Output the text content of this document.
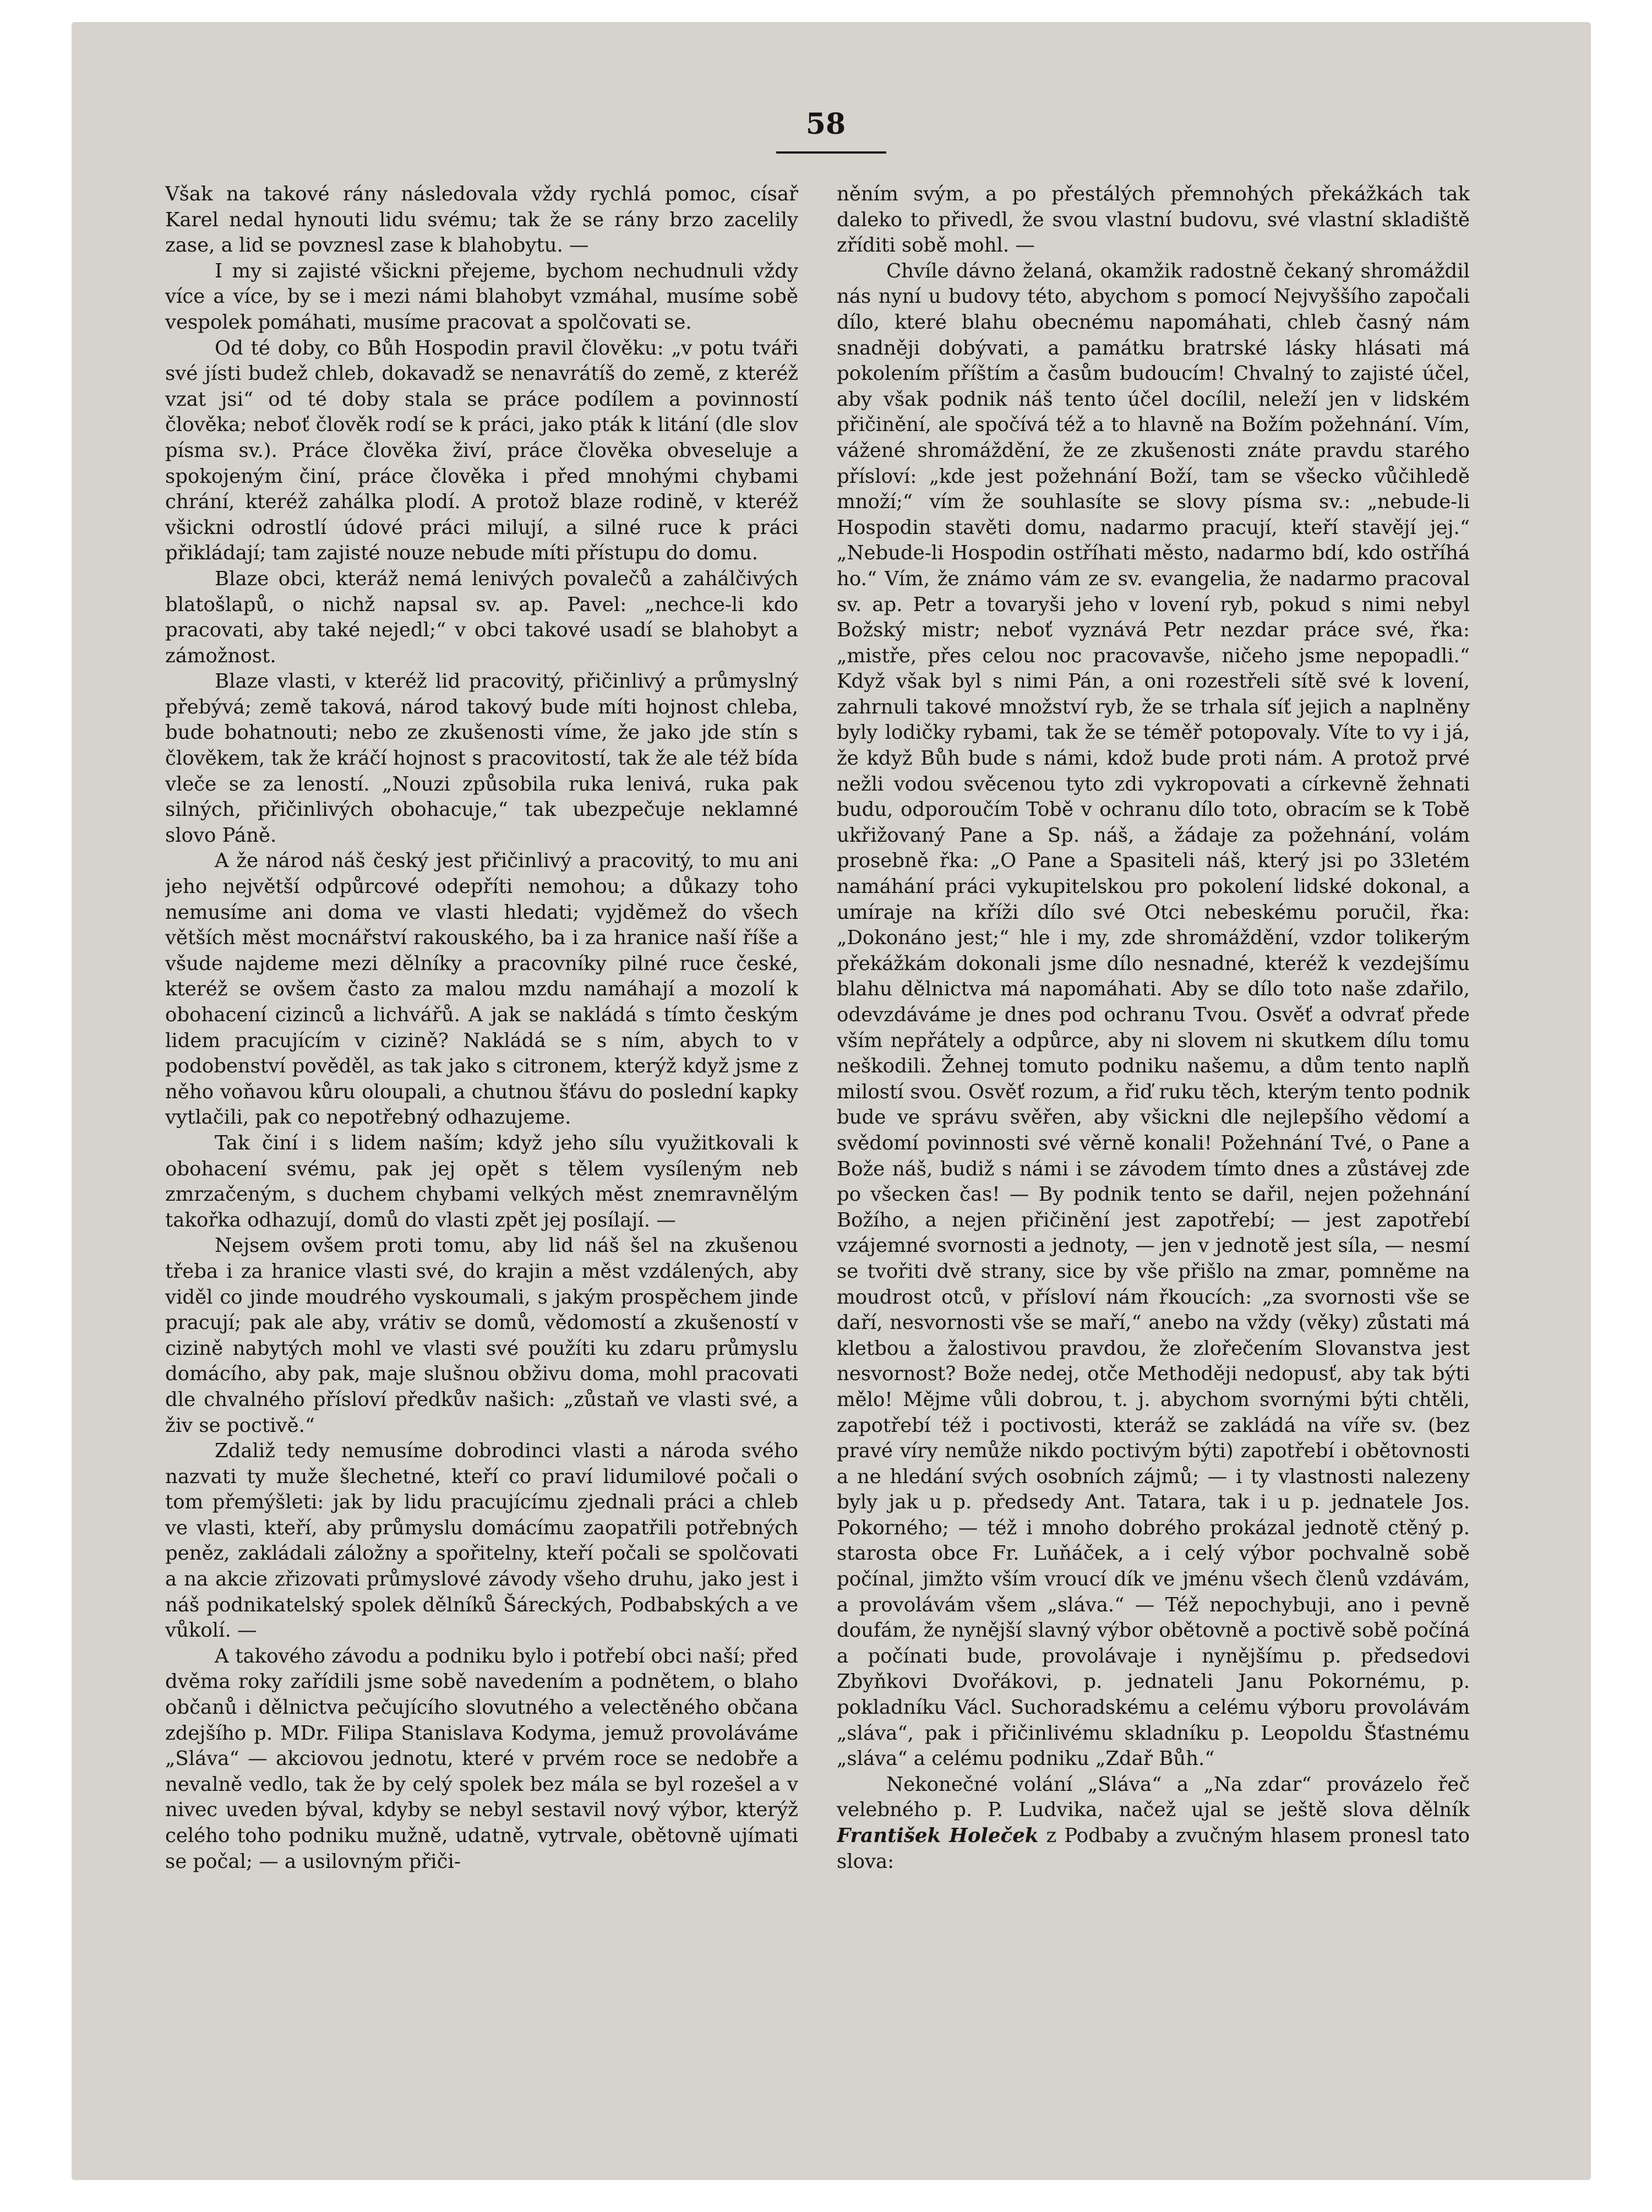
58

Však na takové rány následovala vždy rychlá pomoc, císař Karel nedal hynouti lidu svému; tak že se rány brzo zacelily zase, a lid se povznesl zase k blahobytu. —

I my si zajisté všickni přejeme, bychom nechudnuli vždy více a více, by se i mezi námi blahobyt vzmáhal, musíme sobě vespolek pomáhati, musíme pracovat a spolčovati se.

Od té doby, co Bůh Hospodin pravil člověku: „v potu tváři své jísti budež chleb, dokavadž se nenavrátíš do země, z kteréž vzat jsi“ od té doby stala se práce podílem a povinností člověka; neboť člověk rodí se k práci, jako pták k litání (dle slov písma sv.). Práce člověka živí, práce člověka obveseluje a spokojeným činí, práce člověka i před mnohými chybami chrání, kteréž zahálka plodí. A protož blaze rodině, v kteréž všickni odrostlí údové práci milují, a silné ruce k práci přikládají; tam zajisté nouze nebude míti přístupu do domu.

Blaze obci, kteráž nemá lenivých povalečů a zahálčivých blatošlapů, o nichž napsal sv. ap. Pavel: „nechce-li kdo pracovati, aby také nejedl;“ v obci takové usadí se blahobyt a zámožnost.

Blaze vlasti, v kteréž lid pracovitý, přičinlivý a průmyslný přebývá; země taková, národ takový bude míti hojnost chleba, bude bohatnouti; nebo ze zkušenosti víme, že jako jde stín s člověkem, tak že kráčí hojnost s pracovitostí, tak že ale též bída vleče se za leností. „Nouzi způsobila ruka lenivá, ruka pak silných, přičinlivých obohacuje,“ tak ubezpečuje neklamné slovo Páně.

A že národ náš český jest přičinlivý a pracovitý, to mu ani jeho největší odpůrcové odepříti nemohou; a důkazy toho nemusíme ani doma ve vlasti hledati; vyjděmež do všech větších měst mocnářství rakouského, ba i za hranice naší říše a všude najdeme mezi dělníky a pracovníky pilné ruce české, kteréž se ovšem často za malou mzdu namáhají a mozolí k obohacení cizinců a lichvářů. A jak se nakládá s tímto českým lidem pracujícím v cizině? Nakládá se s ním, abych to v podobenství pověděl, as tak jako s citronem, kterýž když jsme z něho voňavou kůru oloupali, a chutnou šťávu do poslední kapky vytlačili, pak co nepotřebný odhazujeme.

Tak činí i s lidem naším; když jeho sílu využitkovali k obohacení svému, pak jej opět s tělem vysíleným neb zmrzačeným, s duchem chybami velkých měst znemravnělým takořka odhazují, domů do vlasti zpět jej posílají. —

Nejsem ovšem proti tomu, aby lid náš šel na zkušenou třeba i za hranice vlasti své, do krajin a měst vzdálených, aby viděl co jinde moudrého vyskoumali, s jakým prospěchem jinde pracují; pak ale aby, vrátiv se domů, vědomostí a zkušeností v cizině nabytých mohl ve vlasti své použíti ku zdaru průmyslu domácího, aby pak, maje slušnou obživu doma, mohl pracovati dle chvalného přísloví předkův našich: „zůstaň ve vlasti své, a živ se poctivě.“

Zdaliž tedy nemusíme dobrodinci vlasti a národa svého nazvati ty muže šlechetné, kteří co praví lidumilové počali o tom přemýšleti: jak by lidu pracujícímu zjednali práci a chleb ve vlasti, kteří, aby průmyslu domácímu zaopatřili potřebných peněz, zakládali záložny a spořitelny, kteří počali se spolčovati a na akcie zřizovati průmyslové závody všeho druhu, jako jest i náš podnikatelský spolek dělníků Šáreckých, Podbabských a ve vůkolí. —

A takového závodu a podniku bylo i potřebí obci naší; před dvěma roky zařídili jsme sobě navedením a podnětem, o blaho občanů i dělnictva pečujícího slovutného a velectěného občana zdejšího p. MDr. Filipa Stanislava Kodyma, jemuž provoláváme „Sláva“ — akciovou jednotu, které v prvém roce se nedobře a nevalně vedlo, tak že by celý spolek bez mála se byl rozešel a v nivec uveden býval, kdyby se nebyl sestavil nový výbor, kterýž celého toho podniku mužně, udatně, vytrvale, obětovně ujímati se počal; — a usilovným přiči-

něním svým, a po přestálých přemnohých překážkách tak daleko to přivedl, že svou vlastní budovu, své vlastní skladiště zříditi sobě mohl. —

Chvíle dávno želaná, okamžik radostně čekaný shromáždil nás nyní u budovy této, abychom s pomocí Nejvyššího započali dílo, které blahu obecnému napomáhati, chleb časný nám snadněji dobývati, a památku bratrské lásky hlásati má pokolením příštím a časům budoucím! Chvalný to zajisté účel, aby však podnik náš tento účel docílil, neleží jen v lidském přičinění, ale spočívá též a to hlavně na Božím požehnání. Vím, vážené shromáždění, že ze zkušenosti znáte pravdu starého přísloví: „kde jest požehnání Boží, tam se všecko vůčihledě množí;“ vím že souhlasíte se slovy písma sv.: „nebude-li Hospodin stavěti domu, nadarmo pracují, kteří stavějí jej.“ „Nebude-li Hospodin ostříhati město, nadarmo bdí, kdo ostříhá ho.“ Vím, že známo vám ze sv. evangelia, že nadarmo pracoval sv. ap. Petr a tovaryši jeho v lovení ryb, pokud s nimi nebyl Božský mistr; neboť vyznává Petr nezdar práce své, řka: „mistře, přes celou noc pracovavše, ničeho jsme nepopadli.“ Když však byl s nimi Pán, a oni rozestřeli sítě své k lovení, zahrnuli takové množství ryb, že se trhala síť jejich a naplněny byly lodičky rybami, tak že se téměř potopovaly. Víte to vy i já, že když Bůh bude s námi, kdož bude proti nám. A protož prvé nežli vodou svěcenou tyto zdi vykropovati a církevně žehnati budu, odporoučím Tobě v ochranu dílo toto, obracím se k Tobě ukřižovaný Pane a Sp. náš, a žádaje za požehnání, volám prosebně řka: „O Pane a Spasiteli náš, který jsi po 33letém namáhání práci vykupitelskou pro pokolení lidské dokonal, a umíraje na kříži dílo své Otci nebeskému poručil, řka: „Dokonáno jest;“ hle i my, zde shromáždění, vzdor tolikerým překážkám dokonali jsme dílo nesnadné, kteréž k vezdejšímu blahu dělnictva má napomáhati. Aby se dílo toto naše zdařilo, odevzdáváme je dnes pod ochranu Tvou. Osvěť a odvrať přede vším nepřátely a odpůrce, aby ni slovem ni skutkem dílu tomu neškodili. Žehnej tomuto podniku našemu, a dům tento naplň milostí svou. Osvěť rozum, a řiď ruku těch, kterým tento podnik bude ve správu svěřen, aby všickni dle nejlepšího vědomí a svědomí povinnosti své věrně konali! Požehnání Tvé, o Pane a Bože náš, budiž s námi i se závodem tímto dnes a zůstávej zde po všecken čas! — By podnik tento se dařil, nejen požehnání Božího, a nejen přičinění jest zapotřebí; — jest zapotřebí vzájemné svornosti a jednoty, — jen v jednotě jest síla, — nesmí se tvořiti dvě strany, sice by vše přišlo na zmar, pomněme na moudrost otců, v přísloví nám řkoucích: „za svornosti vše se daří, nesvornosti vše se maří,“ anebo na vždy (věky) zůstati má kletbou a žalostivou pravdou, že zlořečením Slovanstva jest nesvornost? Bože nedej, otče Methoději nedopusť, aby tak býti mělo! Mějme vůli dobrou, t. j. abychom svornými býti chtěli, zapotřebí též i poctivosti, kteráž se zakládá na víře sv. (bez pravé víry nemůže nikdo poctivým býti) zapotřebí i obětovnosti a ne hledání svých osobních zájmů; — i ty vlastnosti nalezeny byly jak u p. předsedy Ant. Tatara, tak i u p. jednatele Jos. Pokorného; — též i mnoho dobrého prokázal jednotě ctěný p. starosta obce Fr. Luňáček, a i celý výbor pochvalně sobě počínal, jimžto vším vroucí dík ve jménu všech členů vzdávám, a provolávám všem „sláva.“ — Též nepochybuji, ano i pevně doufám, že nynější slavný výbor obětovně a poctivě sobě počíná a počínati bude, provolávaje i nynějšímu p. předsedovi Zbyňkovi Dvořákovi, p. jednateli Janu Pokornému, p. pokladníku Václ. Suchoradskému a celému výboru provolávám „sláva“, pak i přičinlivému skladníku p. Leopoldu Šťastnému „sláva“ a celému podniku „Zdař Bůh.“

Nekonečné volání „Sláva“ a „Na zdar“ provázelo řeč velebného p. P. Ludvika, načež ujal se ještě slova dělník František Holeček z Podbaby a zvučným hlasem pronesl tato slova:
